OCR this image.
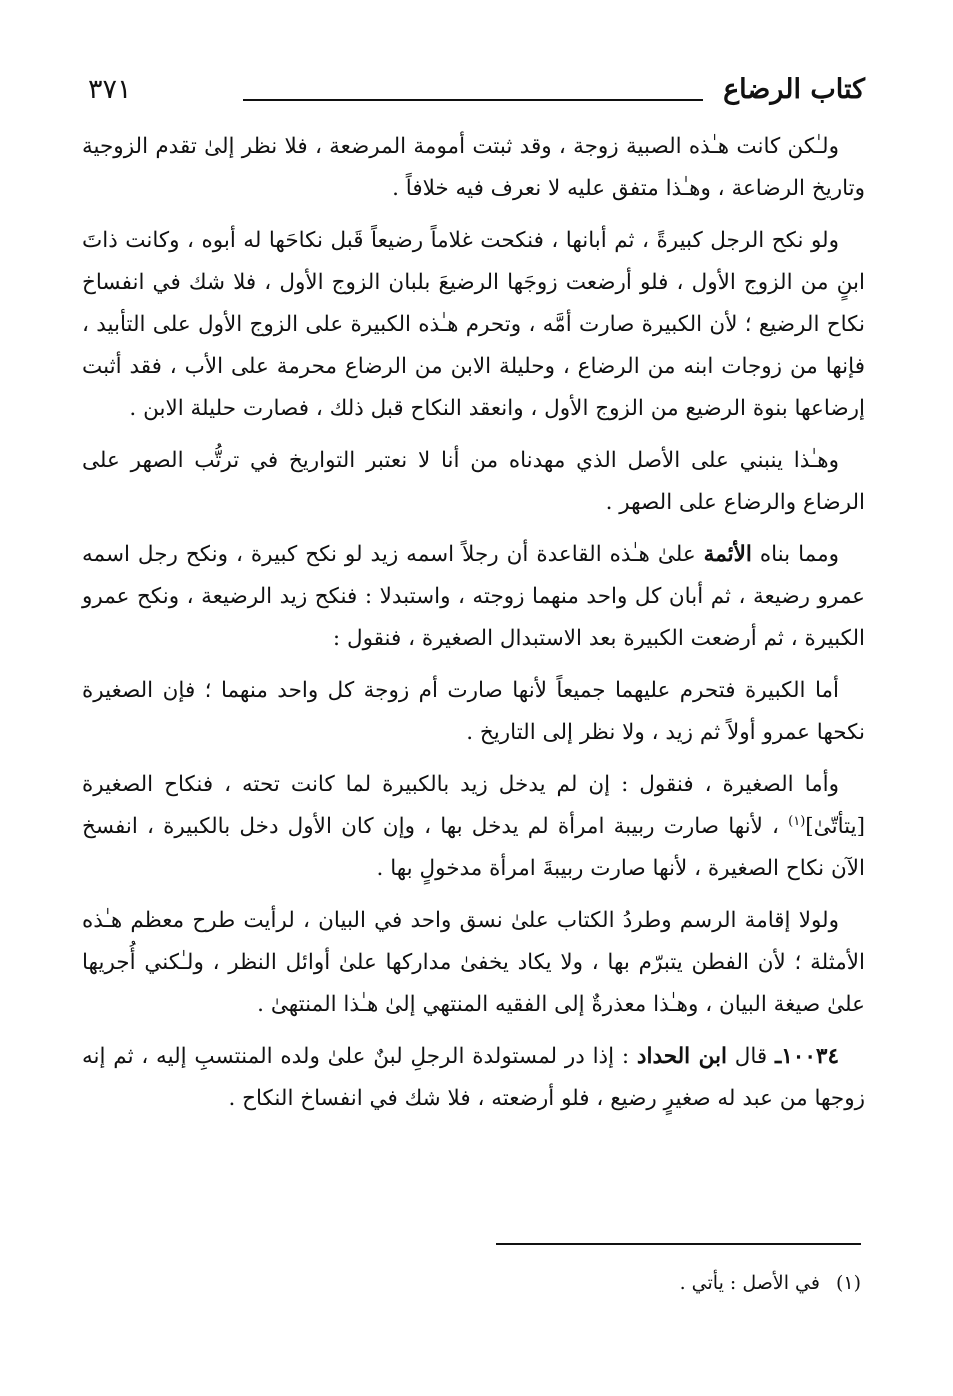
كتاب الرضاع
٣٧١

ولـٰكن كانت هـٰذه الصبية زوجة ، وقد ثبتت أمومة المرضعة ، فلا نظر إلىٰ تقدم الزوجية وتاريخ الرضاعة ، وهـٰذا متفق عليه لا نعرف فيه خلافاً .

ولو نكح الرجل كبيرةً ، ثم أبانها ، فنكحت غلاماً رضيعاً قَبل نكاحَها له أبوه ، وكانت ذاتَ ابنٍ من الزوج الأول ، فلو أرضعت زوجَها الرضيعَ بلبان الزوج الأول ، فلا شك في انفساخ نكاح الرضيع ؛ لأن الكبيرة صارت أمَّه ، وتحرم هـٰذه الكبيرة على الزوج الأول على التأبيد ، فإنها من زوجات ابنه من الرضاع ، وحليلة الابن من الرضاع محرمة على الأب ، فقد أثبت إرضاعها بنوة الرضيع من الزوج الأول ، وانعقد النكاح قبل ذلك ، فصارت حليلة الابن .

وهـٰذا ينبني على الأصل الذي مهدناه من أنا لا نعتبر التواريخ في ترتُّب الصهر على الرضاع والرضاع على الصهر .

ومما بناه الأئمة علىٰ هـٰذه القاعدة أن رجلاً اسمه زيد لو نكح كبيرة ، ونكح رجل اسمه عمرو رضيعة ، ثم أبان كل واحد منهما زوجته ، واستبدلا : فنكح زيد الرضيعة ، ونكح عمرو الكبيرة ، ثم أرضعت الكبيرة بعد الاستبدال الصغيرة ، فنقول :

أما الكبيرة فتحرم عليهما جميعاً لأنها صارت أم زوجة كل واحد منهما ؛ فإن الصغيرة نكحها عمرو أولاً ثم زيد ، ولا نظر إلى التاريخ .

وأما الصغيرة ، فنقول : إن لم يدخل زيد بالكبيرة لما كانت تحته ، فنكاح الصغيرة [يتأتّىٰ]$^{(١)}$ ، لأنها صارت ربيبة امرأة لم يدخل بها ، وإن كان الأول دخل بالكبيرة ، انفسخ الآن نكاح الصغيرة ، لأنها صارت ربيبةَ امرأة مدخولٍ بها .

ولولا إقامة الرسم وطردُ الكتاب علىٰ نسق واحد في البيان ، لرأيت طرح معظم هـٰذه الأمثلة ؛ لأن الفطن يتبرّم بها ، ولا يكاد يخفىٰ مداركها علىٰ أوائل النظر ، ولـٰكني أُجريها علىٰ صيغة البيان ، وهـٰذا معذرةٌ إلى الفقيه المنتهي إلىٰ هـٰذا المنتهىٰ .

١٠٠٣٤ـ قال ابن الحداد : إذا در لمستولدة الرجلِ لبنٌ علىٰ ولده المنتسبِ إليه ، ثم إنه زوجها من عبد له صغيرٍ رضيع ، فلو أرضعته ، فلا شك في انفساخ النكاح .

(١)في الأصل : يأتي .
